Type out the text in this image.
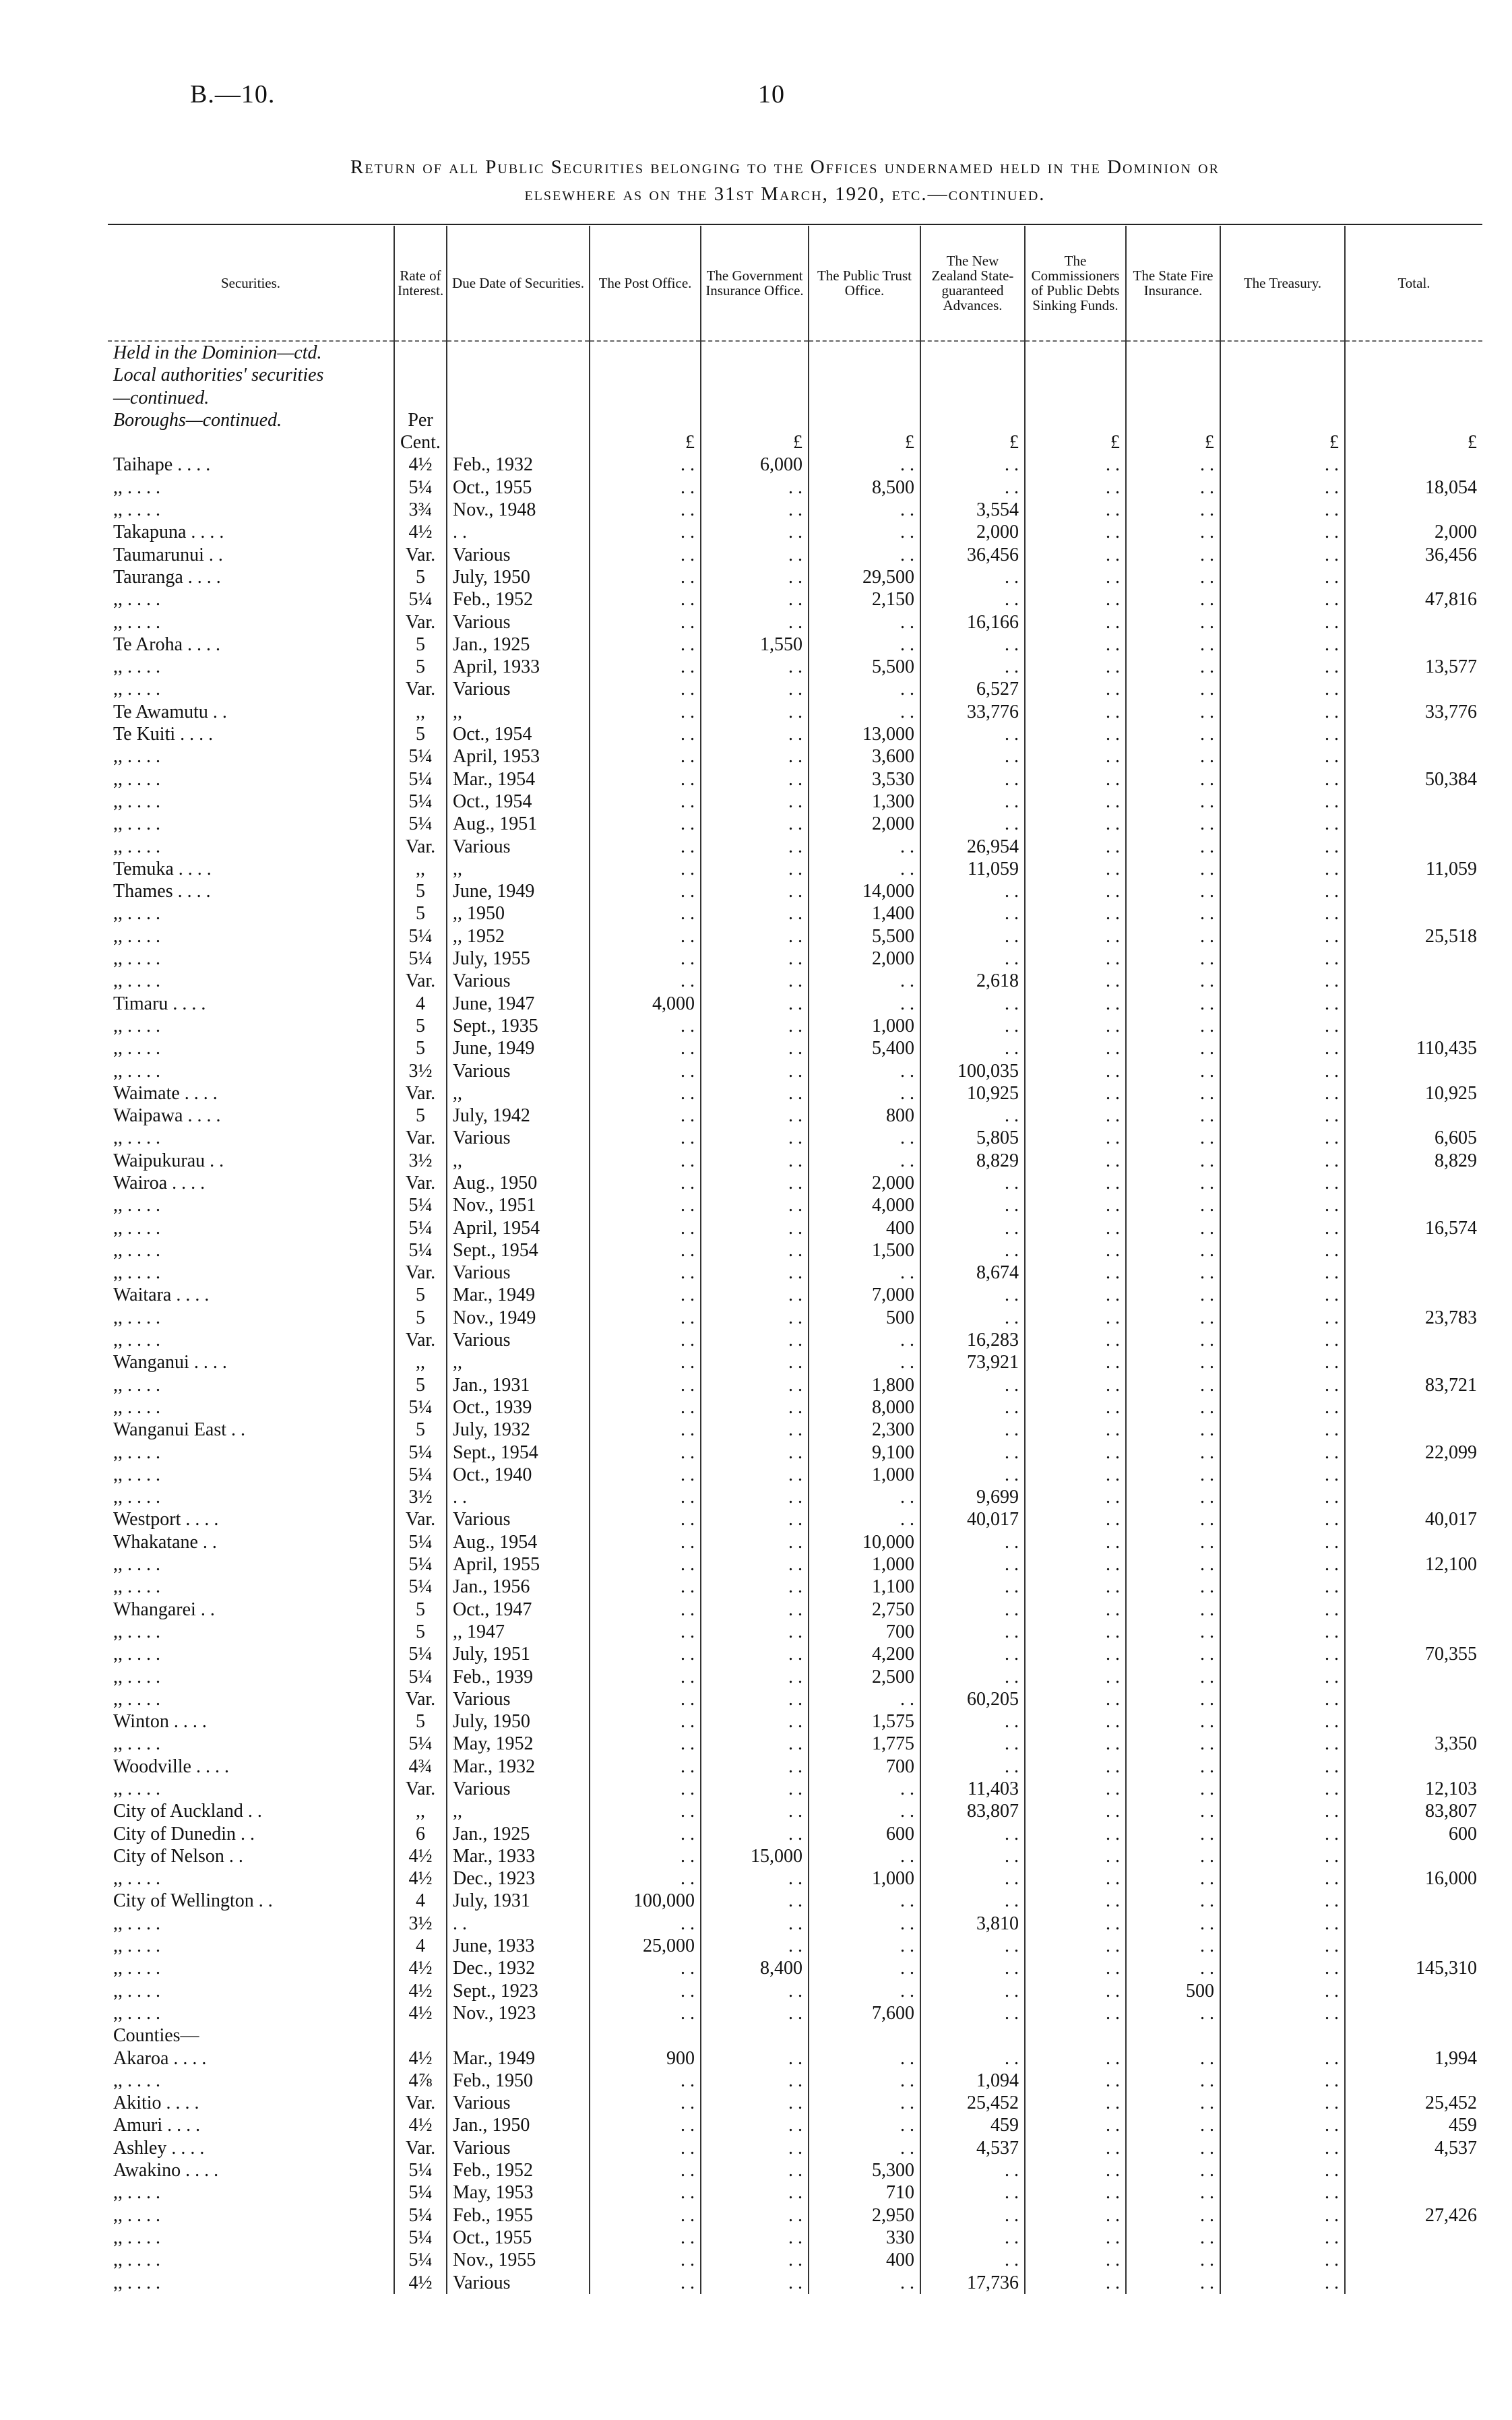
B.—10.	10
Return of all Public Securities belonging to the Offices undernamed held in the Dominion or
elsewhere as on the 31st March, 1920, etc.—continued.
Securities.	Rate of Interest.	Due Date of Securities.	The Post Office.	The Government Insurance Office.	The Public Trust Office.	The New Zealand State-guaranteed Advances.	The Commissioners of Public Debts Sinking Funds.	The State Fire Insurance.	The Treasury.	Total.
Held in the Dominion—ctd.										
Local authorities' securities										
—continued.										
Boroughs—continued.	Per									
	Cent.		£	£	£	£	£	£	£	£
Taihape . . . .	4½	Feb., 1932	. .	6,000	. .	. .	. .	. .	. .	
,, . . . .	5¼	Oct., 1955	. .	. .	8,500	. .	. .	. .	. .	18,054
,, . . . .	3¾	Nov., 1948	. .	. .	. .	3,554	. .	. .	. .	
Takapuna . . . .	4½	. .	. .	. .	. .	2,000	. .	. .	. .	2,000
Taumarunui . .	Var.	Various	. .	. .	. .	36,456	. .	. .	. .	36,456
Tauranga . . . .	5	July, 1950	. .	. .	29,500	. .	. .	. .	. .	
,, . . . .	5¼	Feb., 1952	. .	. .	2,150	. .	. .	. .	. .	47,816
,, . . . .	Var.	Various	. .	. .	. .	16,166	. .	. .	. .	
Te Aroha . . . .	5	Jan., 1925	. .	1,550	. .	. .	. .	. .	. .	
,, . . . .	5	April, 1933	. .	. .	5,500	. .	. .	. .	. .	13,577
,, . . . .	Var.	Various	. .	. .	. .	6,527	. .	. .	. .	
Te Awamutu . .	,,	,,	. .	. .	. .	33,776	. .	. .	. .	33,776
Te Kuiti . . . .	5	Oct., 1954	. .	. .	13,000	. .	. .	. .	. .	
,, . . . .	5¼	April, 1953	. .	. .	3,600	. .	. .	. .	. .	
,, . . . .	5¼	Mar., 1954	. .	. .	3,530	. .	. .	. .	. .	50,384
,, . . . .	5¼	Oct., 1954	. .	. .	1,300	. .	. .	. .	. .	
,, . . . .	5¼	Aug., 1951	. .	. .	2,000	. .	. .	. .	. .	
,, . . . .	Var.	Various	. .	. .	. .	26,954	. .	. .	. .	
Temuka . . . .	,,	,,	. .	. .	. .	11,059	. .	. .	. .	11,059
Thames . . . .	5	June, 1949	. .	. .	14,000	. .	. .	. .	. .	
,, . . . .	5	,, 1950	. .	. .	1,400	. .	. .	. .	. .	
,, . . . .	5¼	,, 1952	. .	. .	5,500	. .	. .	. .	. .	25,518
,, . . . .	5¼	July, 1955	. .	. .	2,000	. .	. .	. .	. .	
,, . . . .	Var.	Various	. .	. .	. .	2,618	. .	. .	. .	
Timaru . . . .	4	June, 1947	4,000	. .	. .	. .	. .	. .	. .	
,, . . . .	5	Sept., 1935	. .	. .	1,000	. .	. .	. .	. .	
,, . . . .	5	June, 1949	. .	. .	5,400	. .	. .	. .	. .	110,435
,, . . . .	3½	Various	. .	. .	. .	100,035	. .	. .	. .	
Waimate . . . .	Var.	,,	. .	. .	. .	10,925	. .	. .	. .	10,925
Waipawa . . . .	5	July, 1942	. .	. .	800	. .	. .	. .	. .	
,, . . . .	Var.	Various	. .	. .	. .	5,805	. .	. .	. .	6,605
Waipukurau . .	3½	,,	. .	. .	. .	8,829	. .	. .	. .	8,829
Wairoa . . . .	Var.	Aug., 1950	. .	. .	2,000	. .	. .	. .	. .	
,, . . . .	5¼	Nov., 1951	. .	. .	4,000	. .	. .	. .	. .	
,, . . . .	5¼	April, 1954	. .	. .	400	. .	. .	. .	. .	16,574
,, . . . .	5¼	Sept., 1954	. .	. .	1,500	. .	. .	. .	. .	
,, . . . .	Var.	Various	. .	. .	. .	8,674	. .	. .	. .	
Waitara . . . .	5	Mar., 1949	. .	. .	7,000	. .	. .	. .	. .	
,, . . . .	5	Nov., 1949	. .	. .	500	. .	. .	. .	. .	23,783
,, . . . .	Var.	Various	. .	. .	. .	16,283	. .	. .	. .	
Wanganui . . . .	,,	,,	. .	. .	. .	73,921	. .	. .	. .	
,, . . . .	5	Jan., 1931	. .	. .	1,800	. .	. .	. .	. .	83,721
,, . . . .	5¼	Oct., 1939	. .	. .	8,000	. .	. .	. .	. .	
Wanganui East . .	5	July, 1932	. .	. .	2,300	. .	. .	. .	. .	
,, . . . .	5¼	Sept., 1954	. .	. .	9,100	. .	. .	. .	. .	22,099
,, . . . .	5¼	Oct., 1940	. .	. .	1,000	. .	. .	. .	. .	
,, . . . .	3½	. .	. .	. .	. .	9,699	. .	. .	. .	
Westport . . . .	Var.	Various	. .	. .	. .	40,017	. .	. .	. .	40,017
Whakatane . .	5¼	Aug., 1954	. .	. .	10,000	. .	. .	. .	. .	
,, . . . .	5¼	April, 1955	. .	. .	1,000	. .	. .	. .	. .	12,100
,, . . . .	5¼	Jan., 1956	. .	. .	1,100	. .	. .	. .	. .	
Whangarei . .	5	Oct., 1947	. .	. .	2,750	. .	. .	. .	. .	
,, . . . .	5	,, 1947	. .	. .	700	. .	. .	. .	. .	
,, . . . .	5¼	July, 1951	. .	. .	4,200	. .	. .	. .	. .	70,355
,, . . . .	5¼	Feb., 1939	. .	. .	2,500	. .	. .	. .	. .	
,, . . . .	Var.	Various	. .	. .	. .	60,205	. .	. .	. .	
Winton . . . .	5	July, 1950	. .	. .	1,575	. .	. .	. .	. .	
,, . . . .	5¼	May, 1952	. .	. .	1,775	. .	. .	. .	. .	3,350
Woodville . . . .	4¾	Mar., 1932	. .	. .	700	. .	. .	. .	. .	
,, . . . .	Var.	Various	. .	. .	. .	11,403	. .	. .	. .	12,103
City of Auckland . .	,,	,,	. .	. .	. .	83,807	. .	. .	. .	83,807
City of Dunedin . .	6	Jan., 1925	. .	. .	600	. .	. .	. .	. .	600
City of Nelson . .	4½	Mar., 1933	. .	15,000	. .	. .	. .	. .	. .	
,, . . . .	4½	Dec., 1923	. .	. .	1,000	. .	. .	. .	. .	16,000
City of Wellington . .	4	July, 1931	100,000	. .	. .	. .	. .	. .	. .	
,, . . . .	3½	. .	. .	. .	. .	3,810	. .	. .	. .	
,, . . . .	4	June, 1933	25,000	. .	. .	. .	. .	. .	. .	
,, . . . .	4½	Dec., 1932	. .	8,400	. .	. .	. .	. .	. .	145,310
,, . . . .	4½	Sept., 1923	. .	. .	. .	. .	. .	500	. .	
,, . . . .	4½	Nov., 1923	. .	. .	7,600	. .	. .	. .	. .	
Counties—										
Akaroa . . . .	4½	Mar., 1949	900	. .	. .	. .	. .	. .	. .	1,994
,, . . . .	4⅞	Feb., 1950	. .	. .	. .	1,094	. .	. .	. .	
Akitio . . . .	Var.	Various	. .	. .	. .	25,452	. .	. .	. .	25,452
Amuri . . . .	4½	Jan., 1950	. .	. .	. .	459	. .	. .	. .	459
Ashley . . . .	Var.	Various	. .	. .	. .	4,537	. .	. .	. .	4,537
Awakino . . . .	5¼	Feb., 1952	. .	. .	5,300	. .	. .	. .	. .	
,, . . . .	5¼	May, 1953	. .	. .	710	. .	. .	. .	. .	
,, . . . .	5¼	Feb., 1955	. .	. .	2,950	. .	. .	. .	. .	27,426
,, . . . .	5¼	Oct., 1955	. .	. .	330	. .	. .	. .	. .	
,, . . . .	5¼	Nov., 1955	. .	. .	400	. .	. .	. .	. .	
,, . . . .	4½	Various	. .	. .	. .	17,736	. .	. .	. .	
